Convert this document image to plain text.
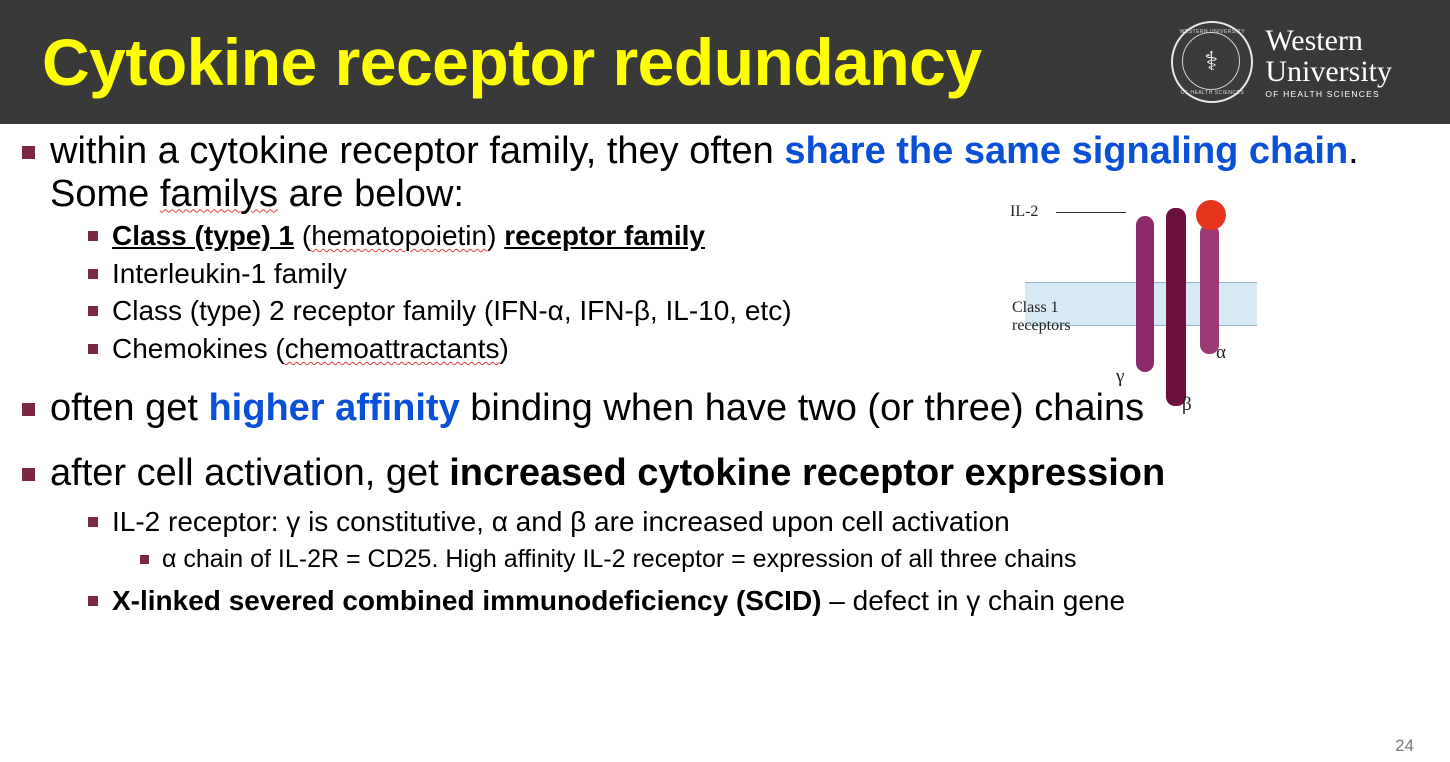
Cytokine receptor redundancy	WESTERN UNIVERSITY
⚕
OF HEALTH SCIENCES
Western
University
OF HEALTH SCIENCES
within a cytokine receptor family, they often share the same signaling chain. Some familys are below:
Class (type) 1 (hematopoietin) receptor family
Interleukin-1 family
Class (type) 2 receptor family (IFN-α, IFN-β, IL-10, etc)
Chemokines (chemoattractants)
often get higher affinity binding when have two (or three) chains
after cell activation, get increased cytokine receptor expression
IL-2 receptor: γ is constitutive, α and β are increased upon cell activation
α chain of IL-2R = CD25. High affinity IL-2 receptor = expression of all three chains
X-linked severed combined immunodeficiency (SCID) – defect in γ chain gene
IL-2
Class 1
receptors
α
β
γ
24
